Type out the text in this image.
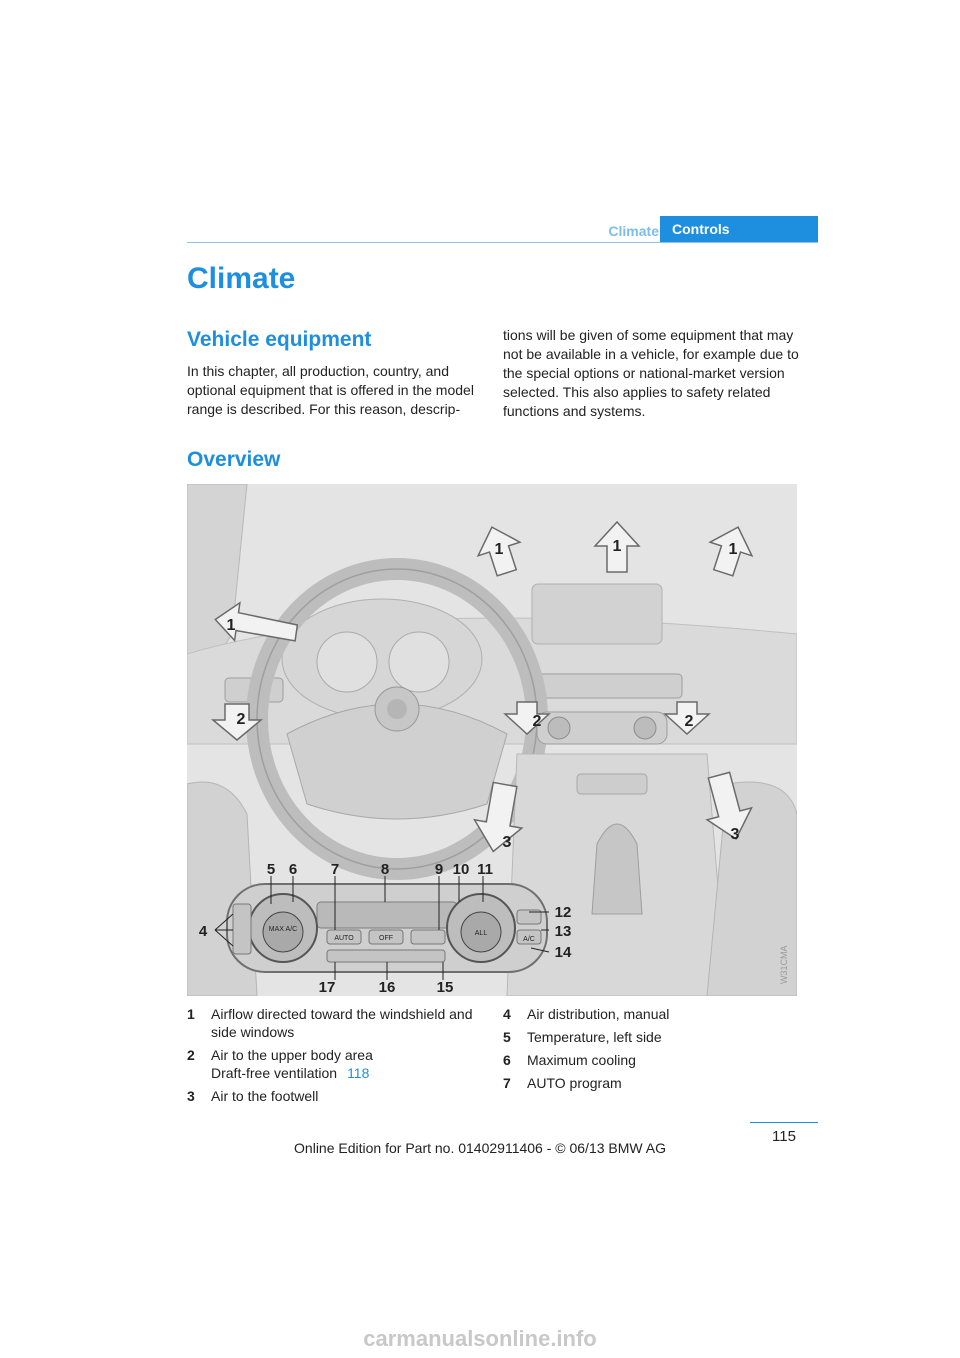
Climate Controls
Climate
Vehicle equipment

In this chapter, all production, country, and optional equipment that is offered in the model range is described. For this reason, descrip-

tions will be given of some equipment that may not be available in a vehicle, for example due to the special options or national-market version selected. This also applies to safety related functions and systems.

Overview
1	1	1
1
2	2	2
3	3
MAX A/C
AUTO	OFF
ALL
A/C
5 6 7	8	9 10 11
4
12
13
14
17	16	15
W31CMA
1 Airflow directed toward the windshield and side windows
2 Air to the upper body area
Draft-free ventilation 118
3 Air to the footwell
4 Air distribution, manual
5 Temperature, left side
6 Maximum cooling
7 AUTO program
115
Online Edition for Part no. 01402911406 - © 06/13 BMW AG
carmanualsonline.info
